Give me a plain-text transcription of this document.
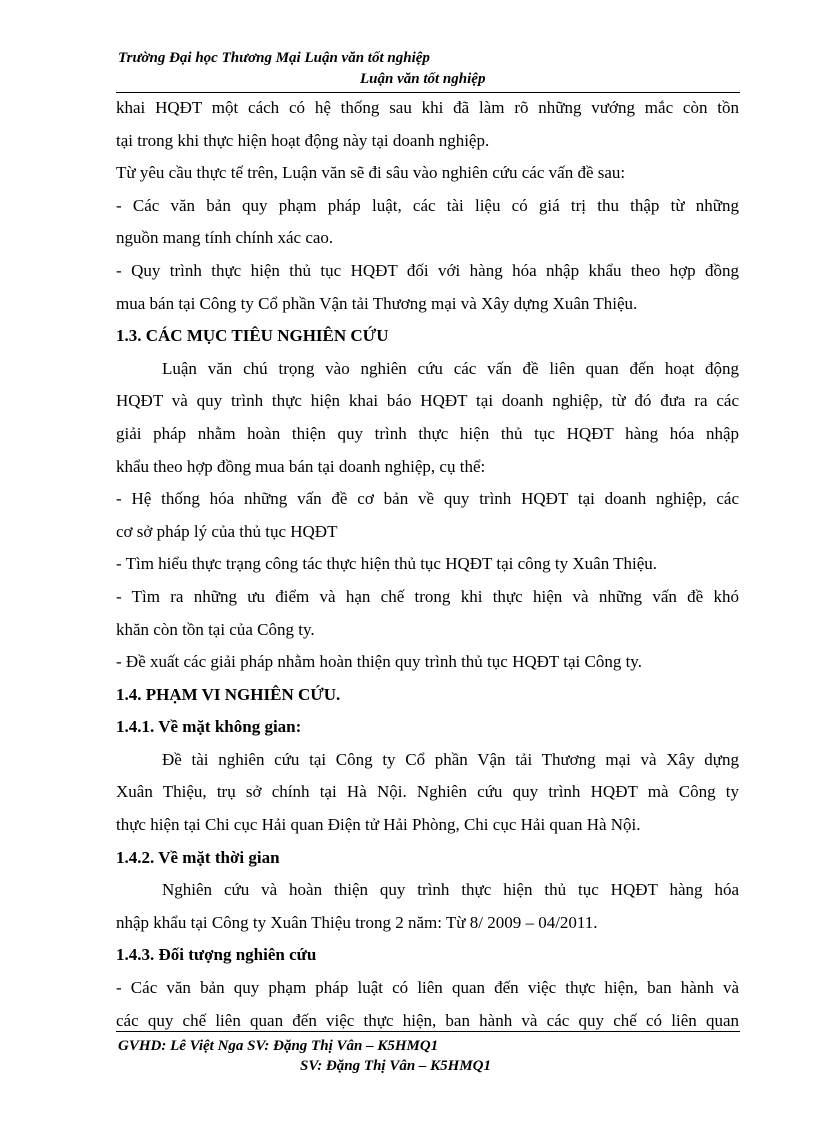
Trường Đại học Thương Mại Luận văn tốt nghiệp
Luận văn tốt nghiệp
khai HQĐT một cách có hệ thống sau khi đã làm rõ những vướng mắc còn tồn
tại trong khi thực hiện hoạt động này tại doanh nghiệp.
Từ yêu cầu thực tế trên, Luận văn sẽ đi sâu vào nghiên cứu các vấn đề sau:
- Các văn bản quy phạm pháp luật, các tài liệu có giá trị thu thập từ những
nguồn mang tính chính xác cao.
- Quy trình thực hiện thủ tục HQĐT đối với hàng hóa nhập khẩu theo hợp đồng
mua bán tại Công ty Cổ phần Vận tải Thương mại và Xây dựng Xuân Thiệu.
1.3. CÁC MỤC TIÊU NGHIÊN CỨU
Luận văn chú trọng vào nghiên cứu các vấn đề liên quan đến hoạt động
HQĐT và quy trình thực hiện khai báo HQĐT tại doanh nghiệp, từ đó đưa ra các
giải pháp nhằm hoàn thiện quy trình thực hiện thủ tục HQĐT hàng hóa nhập
khẩu theo hợp đồng mua bán tại doanh nghiệp, cụ thể:
- Hệ thống hóa những vấn đề cơ bản về quy trình HQĐT tại doanh nghiệp, các
cơ sở pháp lý của thủ tục HQĐT
- Tìm hiểu thực trạng công tác thực hiện thủ tục HQĐT tại công ty Xuân Thiệu.
- Tìm ra những ưu điểm và hạn chế trong khi thực hiện và những vấn đề khó
khăn còn tồn tại của Công ty.
- Đề xuất các giải pháp nhằm hoàn thiện quy trình thủ tục HQĐT tại Công ty.
1.4. PHẠM VI NGHIÊN CỨU.
1.4.1. Về mặt không gian:
Đề tài nghiên cứu tại Công ty Cổ phần Vận tải Thương mại và Xây dựng
Xuân Thiệu, trụ sở chính tại Hà Nội. Nghiên cứu quy trình HQĐT mà Công ty
thực hiện tại Chi cục Hải quan Điện tử Hải Phòng, Chi cục Hải quan Hà Nội.
1.4.2. Về mặt thời gian
Nghiên cứu và hoàn thiện quy trình thực hiện thủ tục HQĐT hàng hóa
nhập khẩu tại Công ty Xuân Thiệu trong 2 năm: Từ 8/ 2009 – 04/2011.
1.4.3. Đối tượng nghiên cứu
- Các văn bản quy phạm pháp luật có liên quan đến việc thực hiện, ban hành và
các quy chế liên quan đến việc thực hiện, ban hành và các quy chế có liên quan
GVHD: Lê Việt Nga SV: Đặng Thị Vân – K5HMQ1
SV: Đặng Thị Vân – K5HMQ1
